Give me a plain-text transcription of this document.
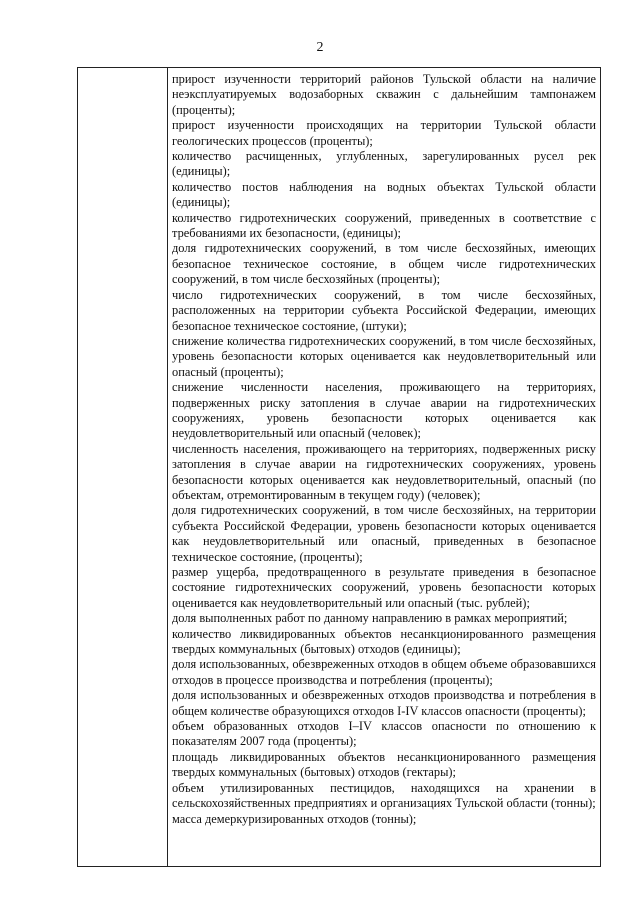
2

прирост изученности территорий районов Тульской области на наличие неэксплуатируемых водозаборных скважин с дальнейшим тампонажем (проценты);

прирост изученности происходящих на территории Тульской области геологических процессов (проценты);

количество расчищенных, углубленных, зарегулированных русел рек (единицы);

количество постов наблюдения на водных объектах Тульской области (единицы);

количество гидротехнических сооружений, приведенных в соответствие с требованиями их безопасности, (единицы);

доля гидротехнических сооружений, в том числе бесхозяйных, имеющих безопасное техническое состояние, в общем числе гидротехнических сооружений, в том числе бесхозяйных (проценты);

число гидротехнических сооружений, в том числе бесхозяйных, расположенных на территории субъекта Российской Федерации, имеющих безопасное техническое состояние, (штуки);

снижение количества гидротехнических сооружений, в том числе бесхозяйных, уровень безопасности которых оценивается как неудовлетворительный или опасный (проценты);

снижение численности населения, проживающего на территориях, подверженных риску затопления в случае аварии на гидротехнических сооружениях, уровень безопасности которых оценивается как неудовлетворительный или опасный (человек);

численность населения, проживающего на территориях, подверженных риску затопления в случае аварии на гидротехнических сооружениях, уровень безопасности которых оценивается как неудовлетворительный, опасный (по объектам, отремонтированным в текущем году) (человек);

доля гидротехнических сооружений, в том числе бесхозяйных, на территории субъекта Российской Федерации, уровень безопасности которых оценивается как неудовлетворительный или опасный, приведенных в безопасное техническое состояние, (проценты);

размер ущерба, предотвращенного в результате приведения в безопасное состояние гидротехнических сооружений, уровень безопасности которых оценивается как неудовлетворительный или опасный (тыс. рублей);

доля выполненных работ по данному направлению в рамках мероприятий;

количество ликвидированных объектов несанкционированного размещения твердых коммунальных (бытовых) отходов (единицы);

доля использованных, обезвреженных отходов в общем объеме образовавшихся отходов в процессе производства и потребления (проценты);

доля использованных и обезвреженных отходов производства и потребления в общем количестве образующихся отходов I-IV классов опасности (проценты);

объем образованных отходов I–IV классов опасности по отношению к показателям 2007 года (проценты);

площадь ликвидированных объектов несанкционированного размещения твердых коммунальных (бытовых) отходов (гектары);

объем утилизированных пестицидов, находящихся на хранении в сельскохозяйственных предприятиях и организациях Тульской области (тонны);

масса демеркуризированных отходов (тонны);
